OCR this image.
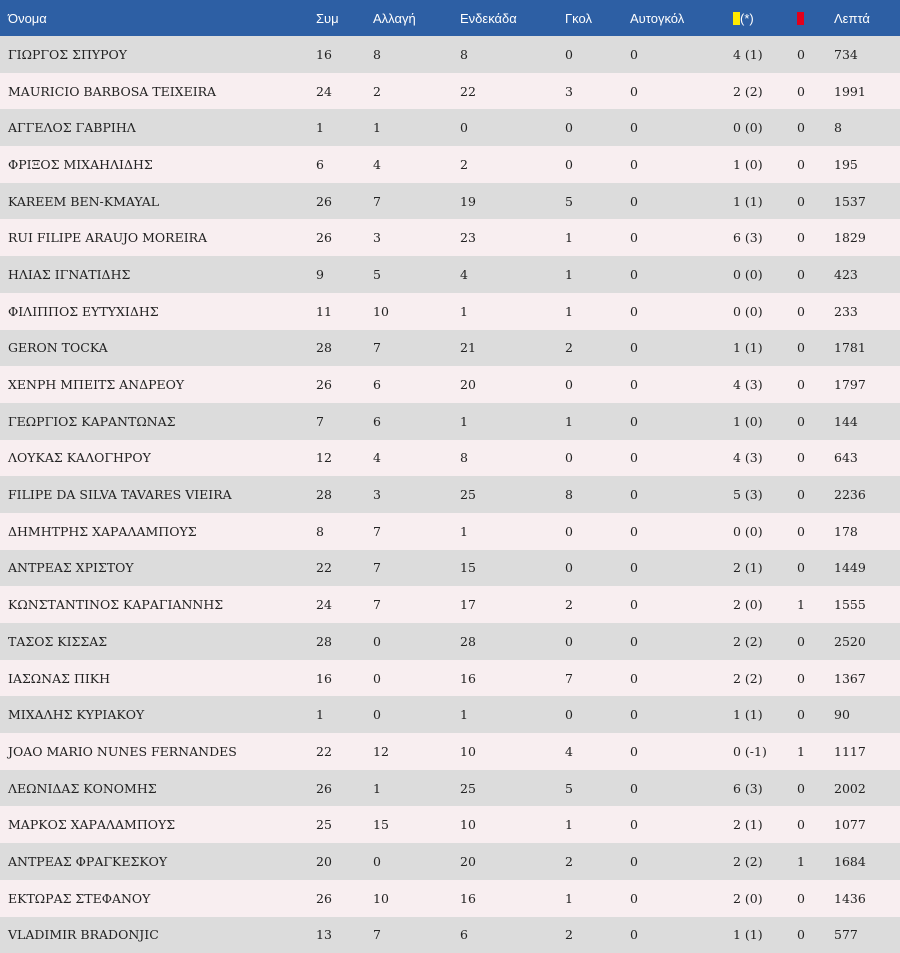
Όνομα	Συμ	Αλλαγή	Ενδεκάδα	Γκολ	Αυτογκόλ	(*)		Λεπτά
ΓΙΩΡΓΟΣ ΣΠΥΡΟΥ	16	8	8	0	0	4 (1)	0	734
MAURICIO BARBOSA TEIXEIRA	24	2	22	3	0	2 (2)	0	1991
ΑΓΓΕΛΟΣ ΓΑΒΡΙΗΛ	1	1	0	0	0	0 (0)	0	8
ΦΡΙΞΟΣ ΜΙΧΑΗΛΙΔΗΣ	6	4	2	0	0	1 (0)	0	195
KAREEM BEN-KMAYAL	26	7	19	5	0	1 (1)	0	1537
RUI FILIPE ARAUJO MOREIRA	26	3	23	1	0	6 (3)	0	1829
ΗΛΙΑΣ ΙΓΝΑΤΙΔΗΣ	9	5	4	1	0	0 (0)	0	423
ΦΙΛΙΠΠΟΣ ΕΥΤΥΧΙΔΗΣ	11	10	1	1	0	0 (0)	0	233
GERON TOCKA	28	7	21	2	0	1 (1)	0	1781
ΧΕΝΡΗ ΜΠΕΙΤΣ ΑΝΔΡΕΟΥ	26	6	20	0	0	4 (3)	0	1797
ΓΕΩΡΓΙΟΣ ΚΑΡΑΝΤΩΝΑΣ	7	6	1	1	0	1 (0)	0	144
ΛΟΥΚΑΣ ΚΑΛΟΓΗΡΟΥ	12	4	8	0	0	4 (3)	0	643
FILIPE DA SILVA TAVARES VIEIRA	28	3	25	8	0	5 (3)	0	2236
ΔΗΜΗΤΡΗΣ ΧΑΡΑΛΑΜΠΟΥΣ	8	7	1	0	0	0 (0)	0	178
ΑΝΤΡΕΑΣ ΧΡΙΣΤΟΥ	22	7	15	0	0	2 (1)	0	1449
ΚΩΝΣΤΑΝΤΙΝΟΣ ΚΑΡΑΓΙΑΝΝΗΣ	24	7	17	2	0	2 (0)	1	1555
ΤΑΣΟΣ ΚΙΣΣΑΣ	28	0	28	0	0	2 (2)	0	2520
ΙΑΣΩΝΑΣ ΠΙΚΗ	16	0	16	7	0	2 (2)	0	1367
ΜΙΧΑΛΗΣ ΚΥΡΙΑΚΟΥ	1	0	1	0	0	1 (1)	0	90
JOAO MARIO NUNES FERNANDES	22	12	10	4	0	0 (-1)	1	1117
ΛΕΩΝΙΔΑΣ ΚΟΝΟΜΗΣ	26	1	25	5	0	6 (3)	0	2002
ΜΑΡΚΟΣ ΧΑΡΑΛΑΜΠΟΥΣ	25	15	10	1	0	2 (1)	0	1077
ΑΝΤΡΕΑΣ ΦΡΑΓΚΕΣΚΟΥ	20	0	20	2	0	2 (2)	1	1684
ΕΚΤΩΡΑΣ ΣΤΕΦΑΝΟΥ	26	10	16	1	0	2 (0)	0	1436
VLADIMIR BRADONJIC	13	7	6	2	0	1 (1)	0	577
